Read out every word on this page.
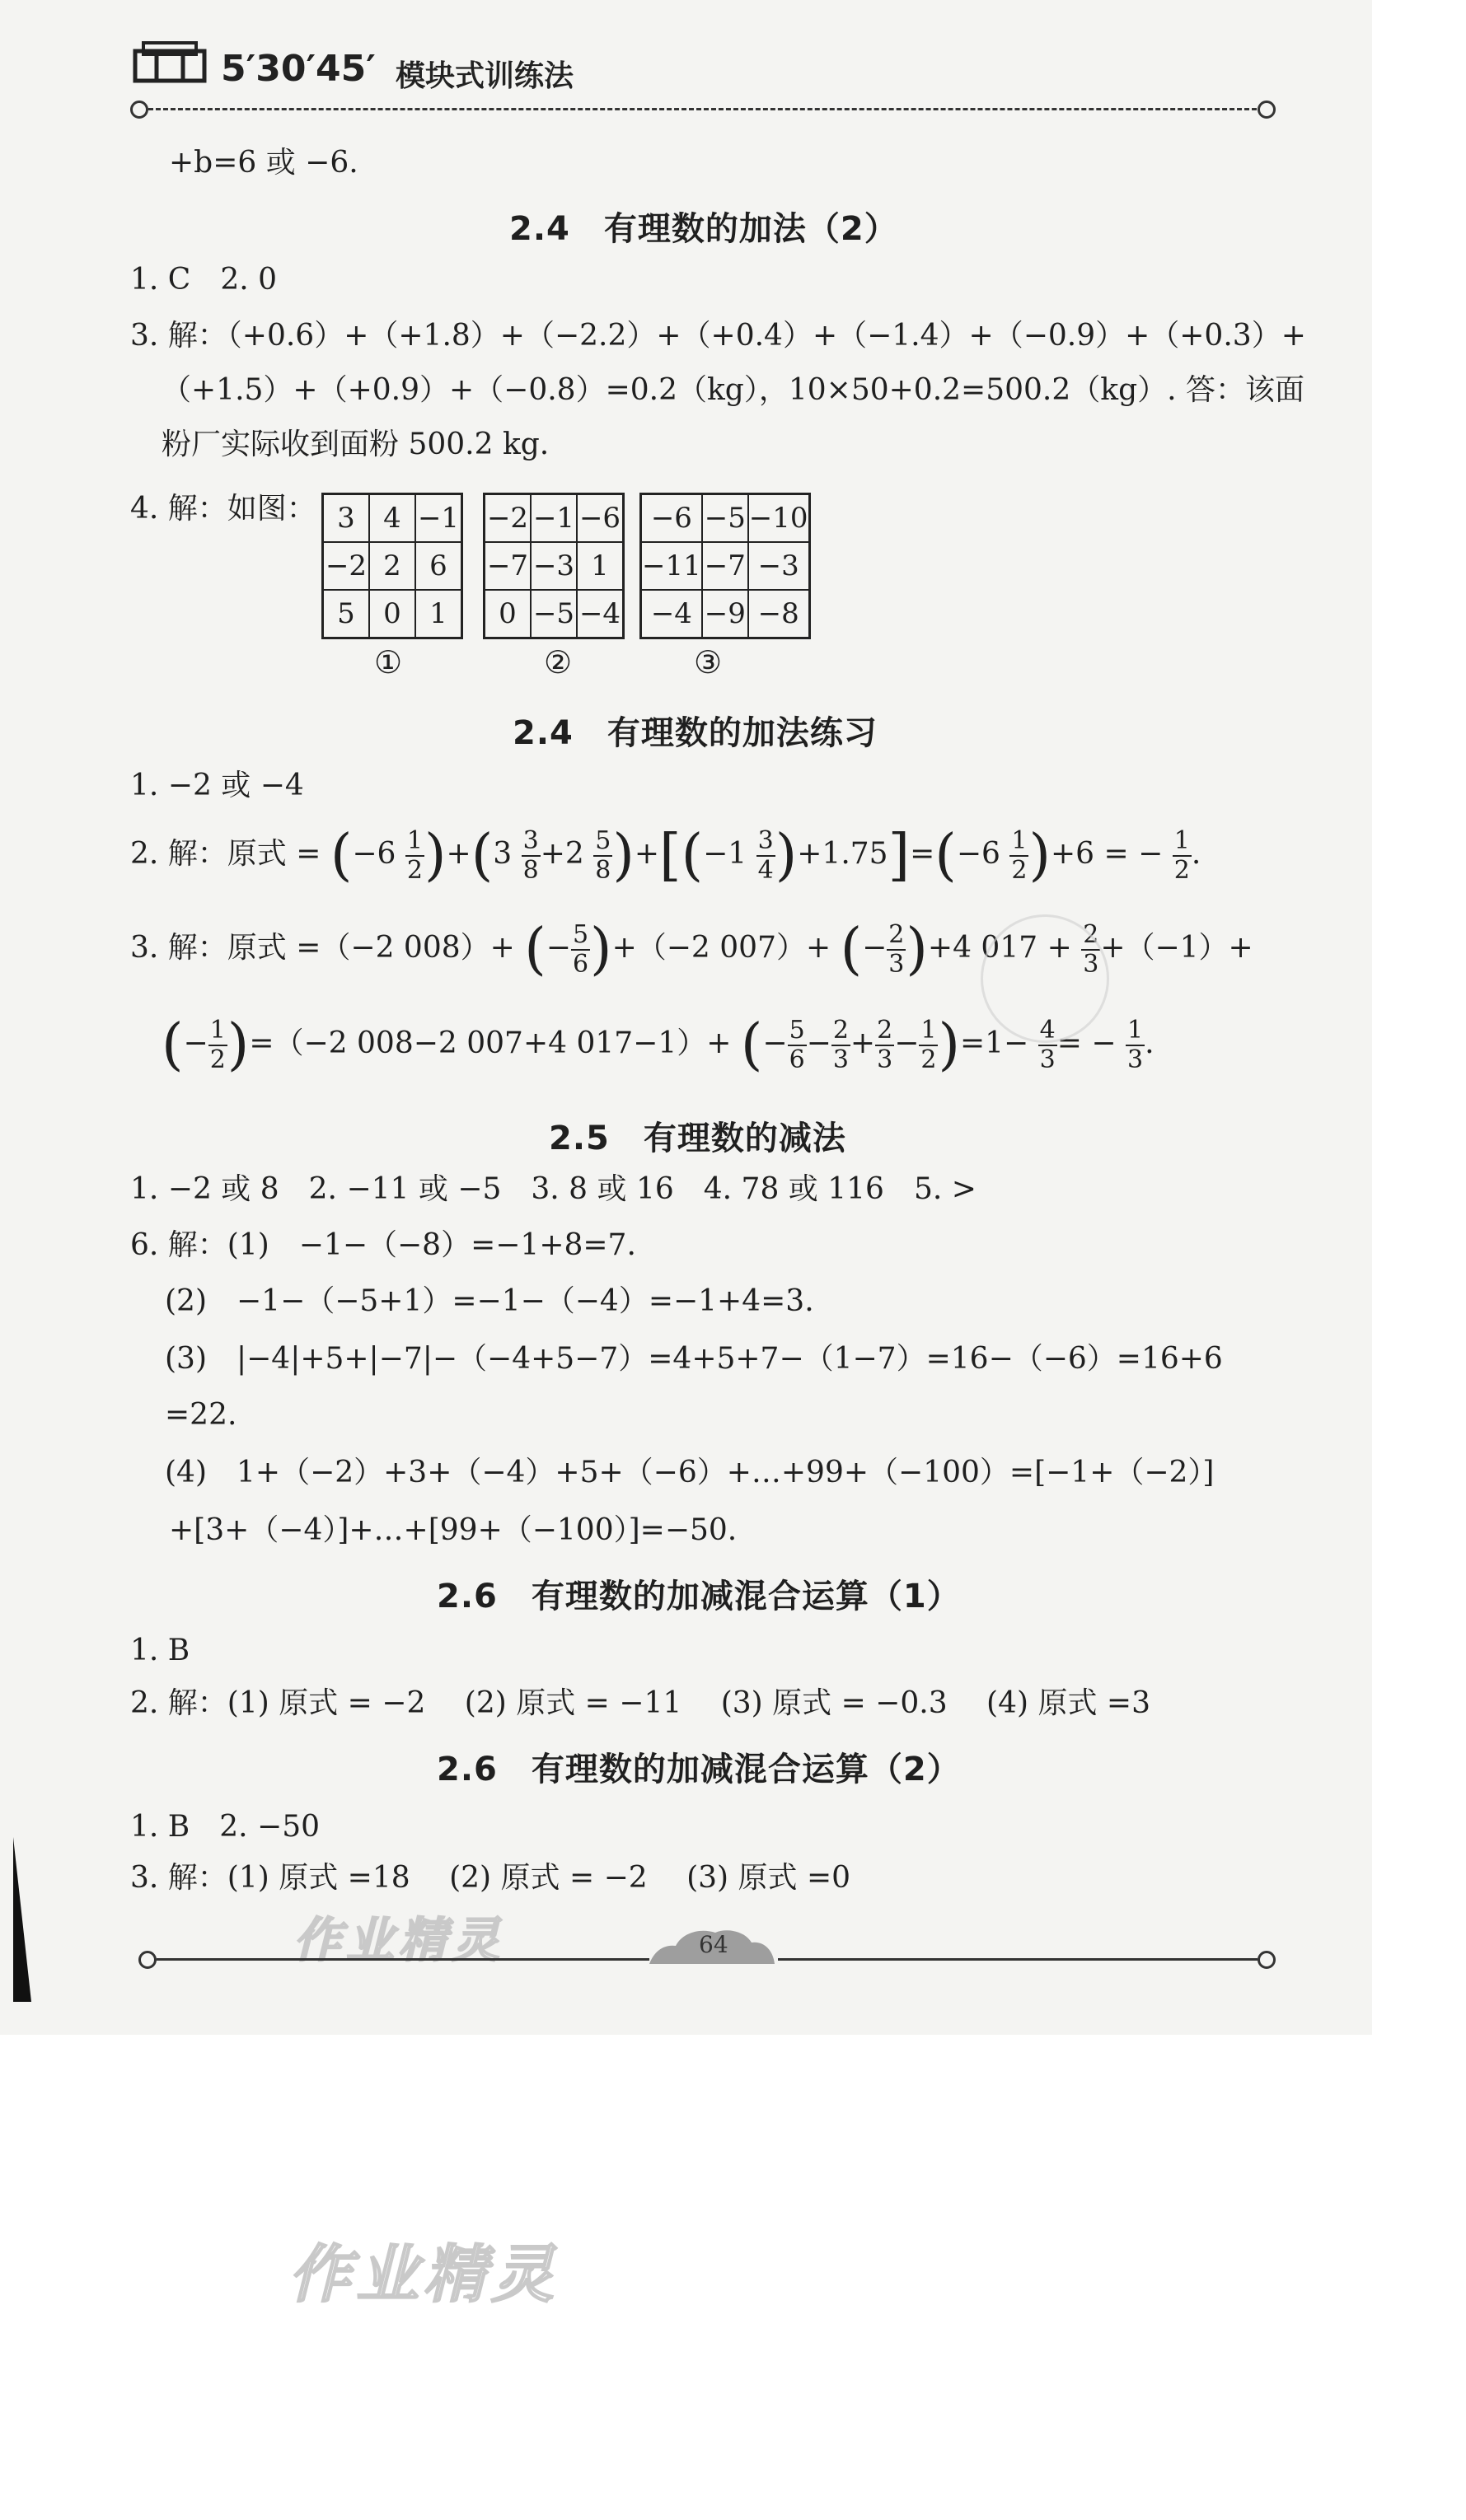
5′30′45′ 模块式训练法
+b=6 或 −6.
2.4　有理数的加法（2）
1. C　2. 0
3. 解：（+0.6）+（+1.8）+（−2.2）+（+0.4）+（−1.4）+（−0.9）+（+0.3）+
（+1.5）+（+0.9）+（−0.8）=0.2（kg），10×50+0.2=500.2（kg）. 答：该面
粉厂实际收到面粉 500.2 kg.
4. 解：如图： 3	4	−1
−2	2	6
5	0	1
−2	−1	−6
−7	−3	1
0	−5	−4
−6	−5	−10
−11	−7	−3
−4	−9	−8
①	②	③
2.4　有理数的加法练习
1. −2 或 −4
2. 解：原式 = $(-6 \frac{1}{2} )+(3 \frac{3}{8} +2 \frac{5}{8} )+[(-1 \frac{3}{4} )+1.75]=(-6 \frac{1}{2} )+6$ = − $\frac{1}{2}$ .
3. 解：原式 =（−2 008）+ (− $\frac{5}{6} )+(-2$ 007）+ (− $\frac{2}{3} )+4$ $017 + \frac{2}{3} +(-1)+$
(− $\frac{1}{2} )=(-2$ 008−2 007+4 017−1）+ (− $\frac{5}{6} - \frac{2}{3} + \frac{2}{3} - \frac{1}{2} )=1- \frac{4}{3}$ = − $\frac{1}{3}$ .
2.5　有理数的减法
1. −2 或 8　2. −11 或 −5　3. 8 或 16　4. 78 或 116　5. >
6. 解：(1)　−1−（−8）=−1+8=7.
(2)　−1−（−5+1）=−1−（−4）=−1+4=3.
(3)　|−4|+5+|−7|−（−4+5−7）=4+5+7−（1−7）=16−（−6）=16+6
=22.
(4)　1+（−2）+3+（−4）+5+（−6）+…+99+（−100）=[−1+（−2）]
+[3+（−4）]+…+[99+（−100）]=−50.
2.6　有理数的加减混合运算（1）
1. B
2. 解：(1) 原式 = −2　 (2) 原式 = −11　 (3) 原式 = −0.3　 (4) 原式 =3
2.6　有理数的加减混合运算（2）
1. B　2. −50
3. 解：(1) 原式 =18　 (2) 原式 = −2　 (3) 原式 =0
作业精灵	64
作业精灵
